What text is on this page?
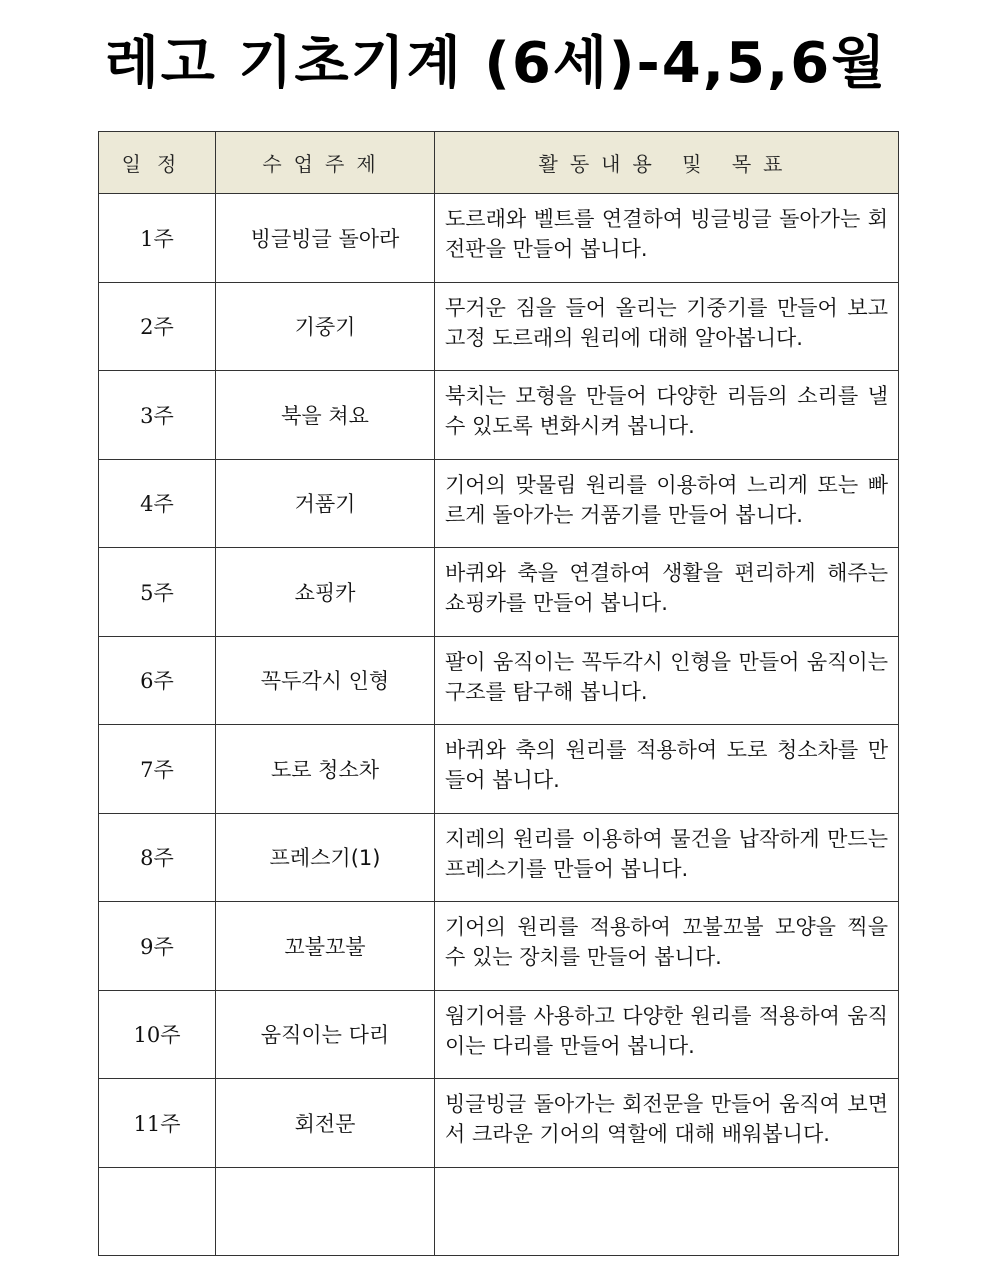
레고 기초기계 (6세)-4,5,6월
일정	수업주제	활동내용 및 목표
1주	빙글빙글 돌아라	도르래와 벨트를 연결하여 빙글빙글 돌아가는 회전판을 만들어 봅니다.
2주	기중기	무거운 짐을 들어 올리는 기중기를 만들어 보고 고정 도르래의 원리에 대해 알아봅니다.
3주	북을 쳐요	북치는 모형을 만들어 다양한 리듬의 소리를 낼 수 있도록 변화시켜 봅니다.
4주	거품기	기어의 맞물림 원리를 이용하여 느리게 또는 빠르게 돌아가는 거품기를 만들어 봅니다.
5주	쇼핑카	바퀴와 축을 연결하여 생활을 편리하게 해주는 쇼핑카를 만들어 봅니다.
6주	꼭두각시 인형	팔이 움직이는 꼭두각시 인형을 만들어 움직이는 구조를 탐구해 봅니다.
7주	도로 청소차	바퀴와 축의 원리를 적용하여 도로 청소차를 만들어 봅니다.
8주	프레스기(1)	지레의 원리를 이용하여 물건을 납작하게 만드는 프레스기를 만들어 봅니다.
9주	꼬불꼬불	기어의 원리를 적용하여 꼬불꼬불 모양을 찍을 수 있는 장치를 만들어 봅니다.
10주	움직이는 다리	웜기어를 사용하고 다양한 원리를 적용하여 움직이는 다리를 만들어 봅니다.
11주	회전문	빙글빙글 돌아가는 회전문을 만들어 움직여 보면서 크라운 기어의 역할에 대해 배워봅니다.
